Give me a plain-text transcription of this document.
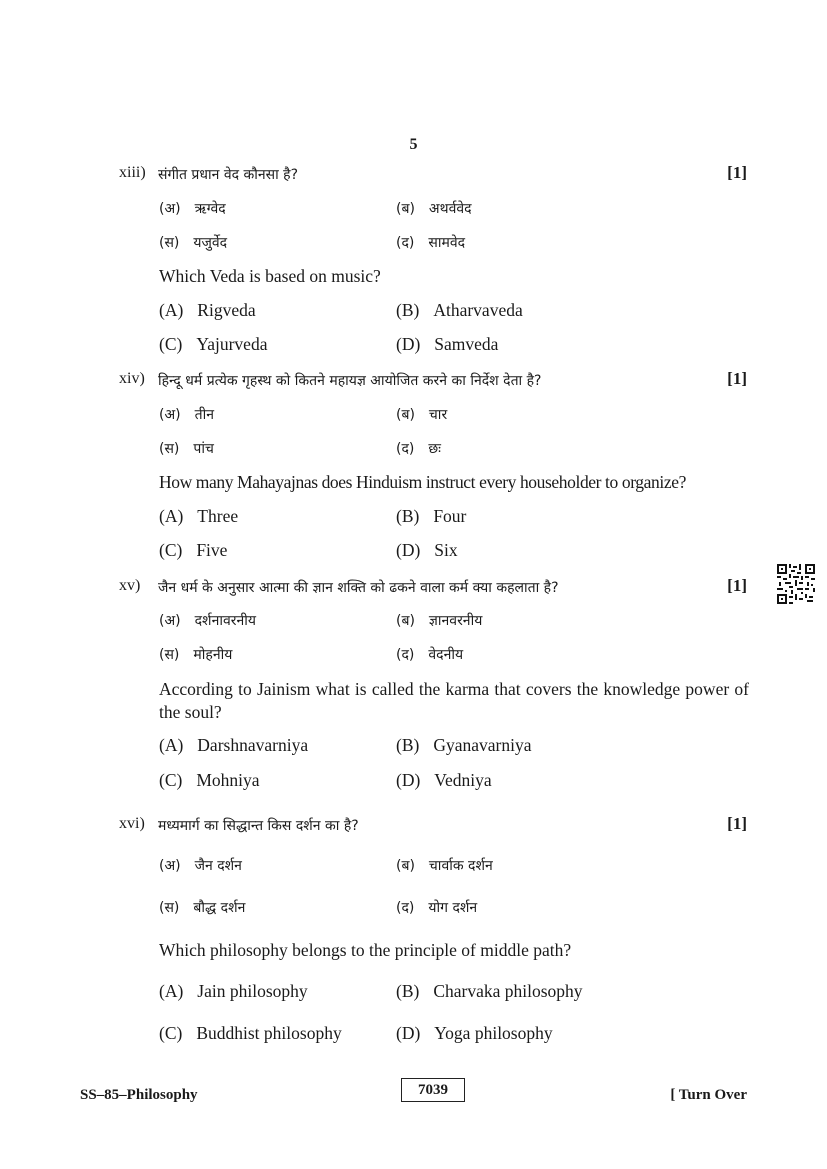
5
xiii) संगीत प्रधान वेद कौनसा है?	[1]
(अ) ऋग्वेद	(ब) अथर्ववेद
(स) यजुर्वेद	(द) सामवेद
Which Veda is based on music?
(A) Rigveda	(B) Atharvaveda
(C) Yajurveda	(D) Samveda
xiv) हिन्दू धर्म प्रत्येक गृहस्थ को कितने महायज्ञ आयोजित करने का निर्देश देता है?	[1]
(अ) तीन	(ब) चार
(स) पांच	(द) छः
How many Mahayajnas does Hinduism instruct every householder to organize?
(A) Three	(B) Four
(C) Five	(D) Six
xv) जैन धर्म के अनुसार आत्मा की ज्ञान शक्ति को ढकने वाला कर्म क्या कहलाता है?	[1]
(अ) दर्शनावरनीय	(ब) ज्ञानवरनीय
(स) मोहनीय	(द) वेदनीय
According to Jainism what is called the karma that covers the knowledge power of the soul?
(A) Darshnavarniya	(B) Gyanavarniya
(C) Mohniya	(D) Vedniya
xvi) मध्यमार्ग का सिद्धान्त किस दर्शन का है?	[1]
(अ) जैन दर्शन	(ब) चार्वाक दर्शन
(स) बौद्ध दर्शन	(द) योग दर्शन
Which philosophy belongs to the principle of middle path?
(A) Jain philosophy	(B) Charvaka philosophy
(C) Buddhist philosophy	(D) Yoga philosophy
SS–85–Philosophy	7039	[ Turn Over
